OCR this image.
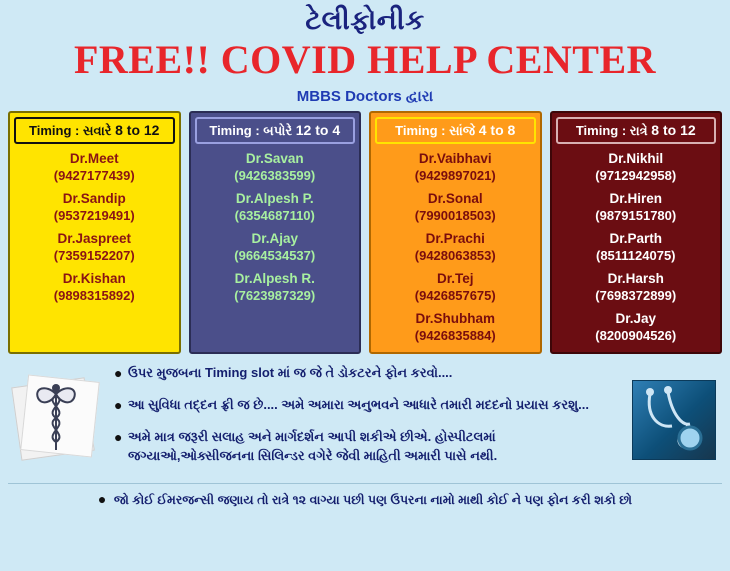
ટેલીફોનીક
FREE!! COVID HELP CENTER
MBBS Doctors દ્વારા
Timing : સવારે 8 to 12
Dr.Meet
(9427177439)
Dr.Sandip
(9537219491)
Dr.Jaspreet
(7359152207)
Dr.Kishan
(9898315892)
Timing : બપોરે 12 to 4
Dr.Savan
(9426383599)
Dr.Alpesh P.
(6354687110)
Dr.Ajay
(9664534537)
Dr.Alpesh R.
(7623987329)
Timing : સાંજે 4 to 8
Dr.Vaibhavi
(9429897021)
Dr.Sonal
(7990018503)
Dr.Prachi
(9428063853)
Dr.Tej
(9426857675)
Dr.Shubham
(9426835884)
Timing : રાત્રે 8 to 12
Dr.Nikhil
(9712942958)
Dr.Hiren
(9879151780)
Dr.Parth
(8511124075)
Dr.Harsh
(7698372899)
Dr.Jay
(8200904526)
● ઉપર મુજબના Timing slot માં જ જે તે ડોકટરને ફોન કરવો....
● આ સુવિધા તદ્દન ફ્રી જ છે.... અમે અમારા અનુભવને આધારે તમારી મદદનો પ્રયાસ કરશુ...
● અમે માત્ર જરૂરી સલાહ અને માર્ગદર્શન આપી શકીએ છીએ. હોસ્પીટલમાં જગ્યાઓ,ઓક્સીજનના સિલિન્ડર વગેરે જેવી માહિતી અમારી પાસે નથી.
● જો કોઈ ઈમરજન્સી જણાય તો રાત્રે ૧૨ વાગ્યા પછી પણ ઉપરના નામો માથી કોઈ ને પણ ફોન કરી શકો છો
